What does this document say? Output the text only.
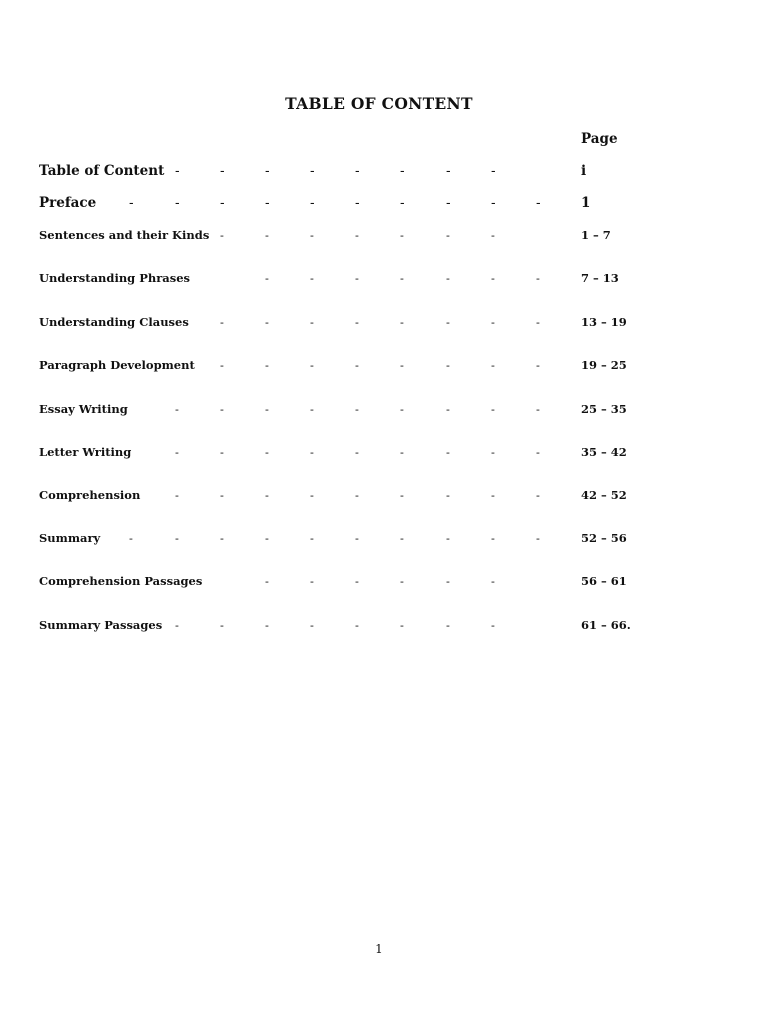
TABLE OF CONTENT
Page
Table of Content -	-	-	-	-	-	-	-	i
Preface -	-	-	-	-	-	-	-	-	-	1
Sentences and their Kinds -	-	-	-	-	-	-	1 – 7
Understanding Phrases	-	-	-	-	-	-	-	7 – 13
Understanding Clauses	-	-	-	-	-	-	-	-	13 – 19
Paragraph Development -	-	-	-	-	-	-	-	19 – 25
Essay Writing	-	-	-	-	-	-	-	-	-	25 – 35
Letter Writing	-	-	-	-	-	-	-	-	-	35 – 42
Comprehension	-	-	-	-	-	-	-	-	-	42 – 52
Summary	-	-	-	-	-	-	-	-	-	-	52 – 56
Comprehension Passages	-	-	-	-	-	-	56 – 61
Summary Passages -	-	-	-	-	-	-	-	61 – 66.
1
